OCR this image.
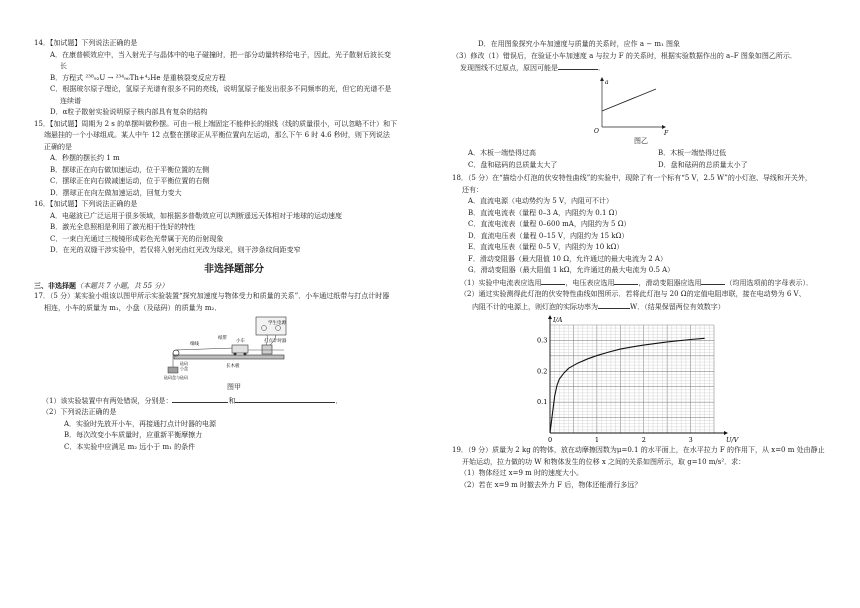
14．【加试题】下列说法正确的是
A．在康普顿效应中，当入射光子与晶体中的电子碰撞时，把一部分动量转移给电子，因此，光子散射后波长变
长
B．方程式 ²³⁸₉₂U → ²³⁴₉₀Th+⁴₂He 是重核裂变反应方程
C．根据玻尔原子理论，氢原子光谱有很多不同的亮线，说明氢原子能发出很多不同频率的光，但它的光谱不是
连续谱
D．α粒子散射实验说明原子核内部具有复杂的结构
15．【加试题】周期为 2 s 的单摆叫做秒摆。可由一根上端固定不能伸长的细线（线的质量很小，可以忽略不计）和下
端悬挂的一个小球组成。某人中午 12 点整在摆球正从平衡位置向左运动，那么下午 6 时 4.6 秒时，则下列说法
正确的是
A．秒摆的摆长约 1 m
B．摆球正在向右做加速运动，位于平衡位置的左侧
C．摆球正在向右做减速运动，位于平衡位置的右侧
D．摆球正在向左做加速运动，回复力变大
16．【加试题】下列说法正确的是
A．电磁波已广泛运用于很多领域，如根据多普勒效应可以判断遥远天体相对于地球的运动速度
B．激光全息照相是利用了激光相干性好的特性
C．一束白光通过三棱镜形成彩色光带属于光的衍射现象
D．在光的双缝干涉实验中，若仅将入射光由红光改为绿光，则干涉条纹间距变窄
非选择题部分
三、非选择题（本题共 7 小题，共 55 分）
17．（5 分）某实验小组该以图甲所示实验装置“探究加速度与物体受力和质量的关系”．小车通过纸带与打点计时器
相连，小车的质量为 m₁，小盘（及砝码）的质量为 m₂．
学生电源
纸带
打点计时器
小车
细线
长木板
砝码
小盘
砝码盘与砝码
图甲
（1）该实验装置中有两处错误，分别是：	和	．
（2）下列说法正确的是
A．实验时先放开小车，再接通打点计时器的电源
B．每次改变小车质量时，应重新平衡摩擦力
C．本实验中应满足 m₂ 远小于 m₁ 的条件
D．在用图象探究小车加速度与质量的关系时，应作 a − m₁ 图象
（3）修改（1）错误后，在验证小车加速度 a 与拉力 F 的关系时，根据实验数据作出的 a–F 图象如图乙所示．
发现图线不过原点，原因可能是	．
a
O	F
图乙
A．木板一端垫得过高	B．木板一端垫得过低
C．盘和砝码的总质量太大了	D．盘和砝码的总质量太小了
18．（5 分）在“描绘小灯泡的伏安特性曲线”的实验中，现除了有一个标有“5 V，2.5 W”的小灯泡、导线和开关外，
还有：
A．直流电源（电动势约为 5 V，内阻可不计）
B．直流电流表（量程 0–3 A，内阻约为 0.1 Ω）
C．直流电流表（量程 0–600 mA，内阻约为 5 Ω）
D．直流电压表（量程 0–15 V，内阻约为 15 kΩ）
E．直流电压表（量程 0–5 V，内阻约为 10 kΩ）
F．滑动变阻器（最大阻值 10 Ω，允许通过的最大电流为 2 A）
G．滑动变阻器（最大阻值 1 kΩ，允许通过的最大电流为 0.5 A）
（1）实验中电流表应选用	，电压表应选用	，滑动变阻器应选用	（均用选项前的字母表示）．
（2）通过实验测得此灯泡的伏安特性曲线如图所示．若将此灯泡与 20 Ω的定值电阻串联，接在电动势为 6 V、
内阻不计的电源上，则灯泡的实际功率为	W．（结果保留两位有效数字）
0	1	2	3
0.1
0.2
0.3
I/A
U/V
19．（9 分）质量为 2 kg 的物体，放在动摩擦因数为μ=0.1 的水平面上，在水平拉力 F 的作用下，从 x=0 m 处由静止
开始运动，拉力做的功 W 和物体发生的位移 x 之间的关系如图所示，取 g=10 m/s²．求：
（1）物体经过 x=9 m 时的速度大小。
（2）若在 x=9 m 时撤去外力 F 后，物体还能滑行多远？
